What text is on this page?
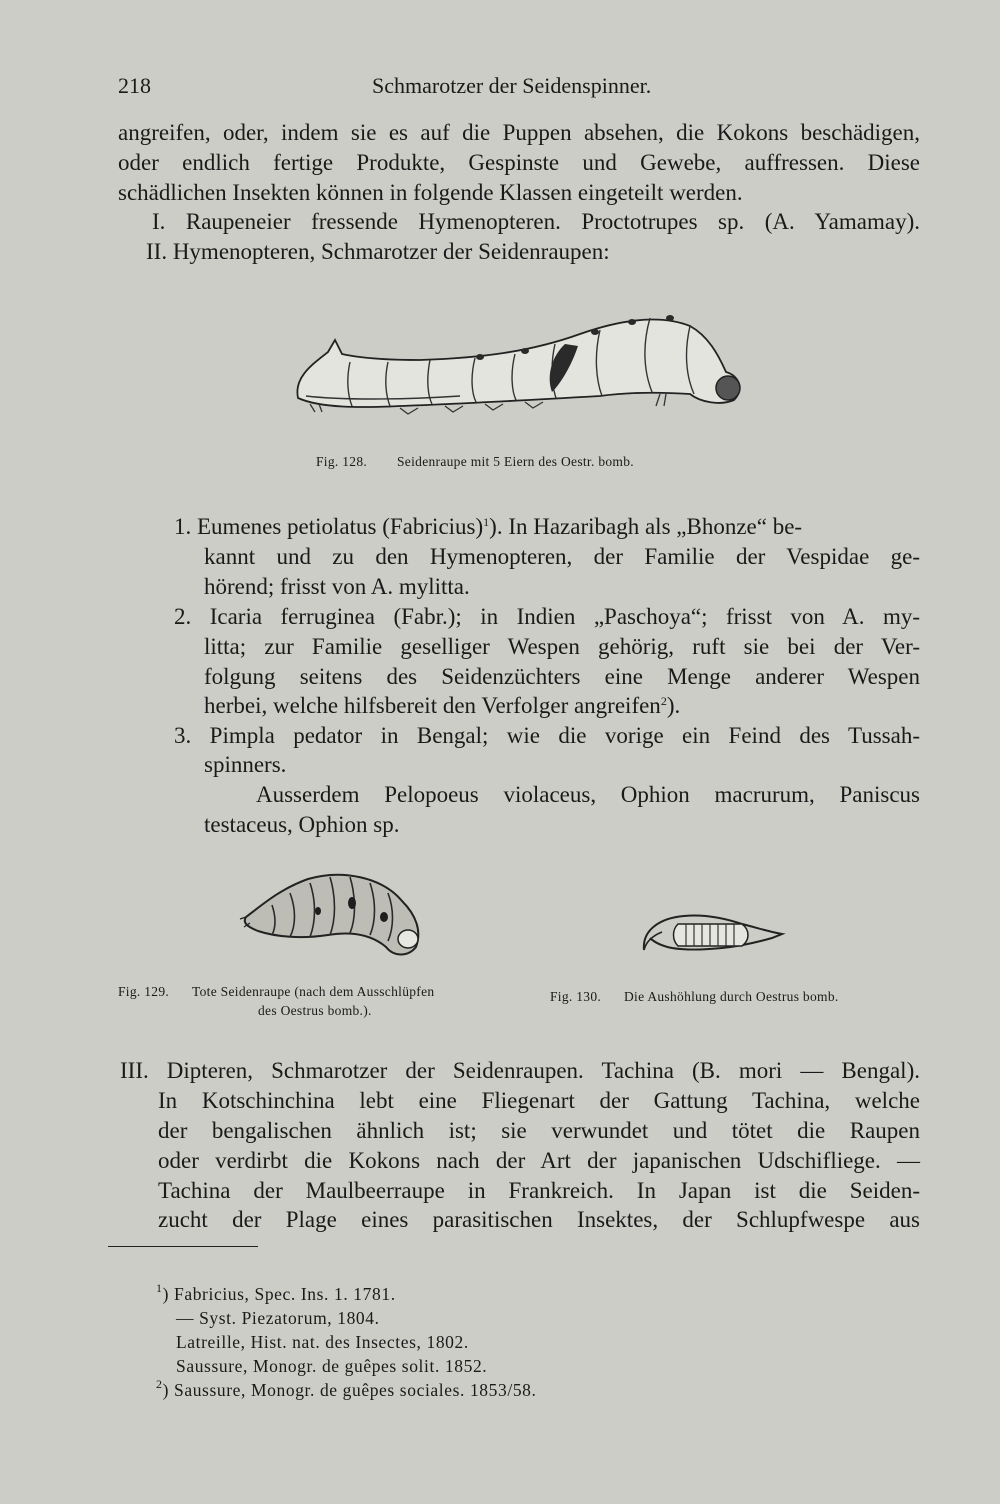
218	Schmarotzer der Seidenspinner.
angreifen, oder, indem sie es auf die Puppen absehen, die Kokons beschädigen,
oder endlich fertige Produkte, Gespinste und Gewebe, auffressen. Diese
schädlichen Insekten können in folgende Klassen eingeteilt werden.
I. Raupeneier fressende Hymenopteren. Proctotrupes sp. (A. Yamamay).
II. Hymenopteren, Schmarotzer der Seidenraupen:
Fig. 128. Seidenraupe mit 5 Eiern des Oestr. bomb.
1. Eumenes petiolatus (Fabricius)$^1$). In Hazaribagh als „Bhonze“ be-
kannt und zu den Hymenopteren, der Familie der Vespidae ge-
hörend; frisst von A. mylitta.
2. Icaria ferruginea (Fabr.); in Indien „Paschoya“; frisst von A. my-
litta; zur Familie geselliger Wespen gehörig, ruft sie bei der Ver-
folgung seitens des Seidenzüchters eine Menge anderer Wespen
herbei, welche hilfsbereit den Verfolger angreifen$^2$).
3. Pimpla pedator in Bengal; wie die vorige ein Feind des Tussah-
spinners.
Ausserdem Pelopoeus violaceus, Ophion macrurum, Paniscus
testaceus, Ophion sp.
Fig. 129. Tote Seidenraupe (nach dem Ausschlüpfen
des Oestrus bomb.).
Fig. 130. Die Aushöhlung durch Oestrus bomb.
III. Dipteren, Schmarotzer der Seidenraupen. Tachina (B. mori — Bengal).
In Kotschinchina lebt eine Fliegenart der Gattung Tachina, welche
der bengalischen ähnlich ist; sie verwundet und tötet die Raupen
oder verdirbt die Kokons nach der Art der japanischen Udschifliege. —
Tachina der Maulbeerraupe in Frankreich. In Japan ist die Seiden-
zucht der Plage eines parasitischen Insektes, der Schlupfwespe aus
$^1$) Fabricius, Spec. Ins. 1. 1781.
— Syst. Piezatorum, 1804.
Latreille, Hist. nat. des Insectes, 1802.
Saussure, Monogr. de guêpes solit. 1852.
$^2$) Saussure, Monogr. de guêpes sociales. 1853/58.
